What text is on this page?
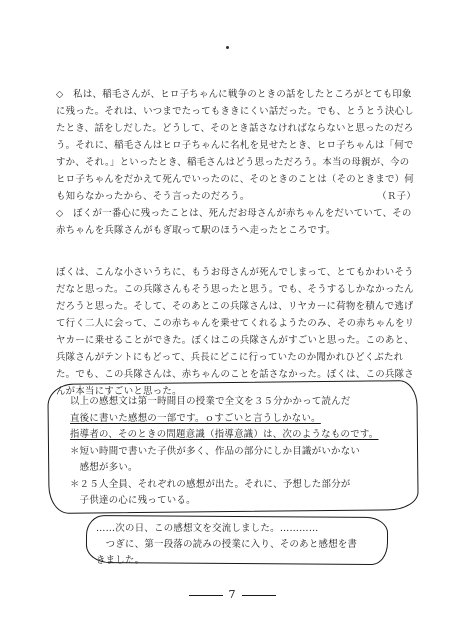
◇　私は、稲毛さんが、ヒロ子ちゃんに戦争のときの話をしたところがとても印象に残った。それは、いつまでたってもききにくい話だった。でも、とうとう決心したとき、話をしだした。どうして、そのとき話さなければならないと思ったのだろう。それに、稲毛さんはヒロ子ちゃんに名札を見せたとき、ヒロ子ちゃんは「何ですか、それ。」といったとき、稲毛さんはどう思っただろう。本当の母親が、今のヒロ子ちゃんをだかえて死んでいったのに、そのときのことは（そのときまで）何も知らなかったから、そう言ったのだろう。	（Ｒ子）

◇　ぼくが一番心に残ったことは、死んだお母さんが赤ちゃんをだいていて、その赤ちゃんを兵隊さんがもぎ取って駅のほうへ走ったところです。

ぼくは、こんな小さいうちに、もうお母さんが死んでしまって、とてもかわいそうだなと思った。この兵隊さんもそう思ったと思う。でも、そうするしかなかったんだろうと思った。そして、そのあとこの兵隊さんは、リヤカーに荷物を積んで逃げて行く二人に会って、この赤ちゃんを乗せてくれるようたのみ、その赤ちゃんをリヤカーに乗せることができた。ぼくはこの兵隊さんがすごいと思った。このあと、兵隊さんがテントにもどって、兵長にどこに行っていたのか聞かれひどくぶたれた。でも、この兵隊さんは、赤ちゃんのことを話さなかった。ぼくは、この兵隊さんが本当にすごいと思った。

以上の感想文は第一時間目の授業で全文を３５分かかって読んだ

直後に書いた感想の一部です。ｏすごいと言うしかない。

指導者の、そのときの問題意識（指導意識）は、次のようなものです。

＊短い時間で書いた子供が多く、作品の部分にしか目識がいかない

　感想が多い。

＊２５人全員、それぞれの感想が出た。それに、予想した部分が

　子供達の心に残っている。

……次の日、この感想文を交流しました。…………

　つぎに、第一段落の読みの授業に入り、そのあと感想を書

きました。

7
